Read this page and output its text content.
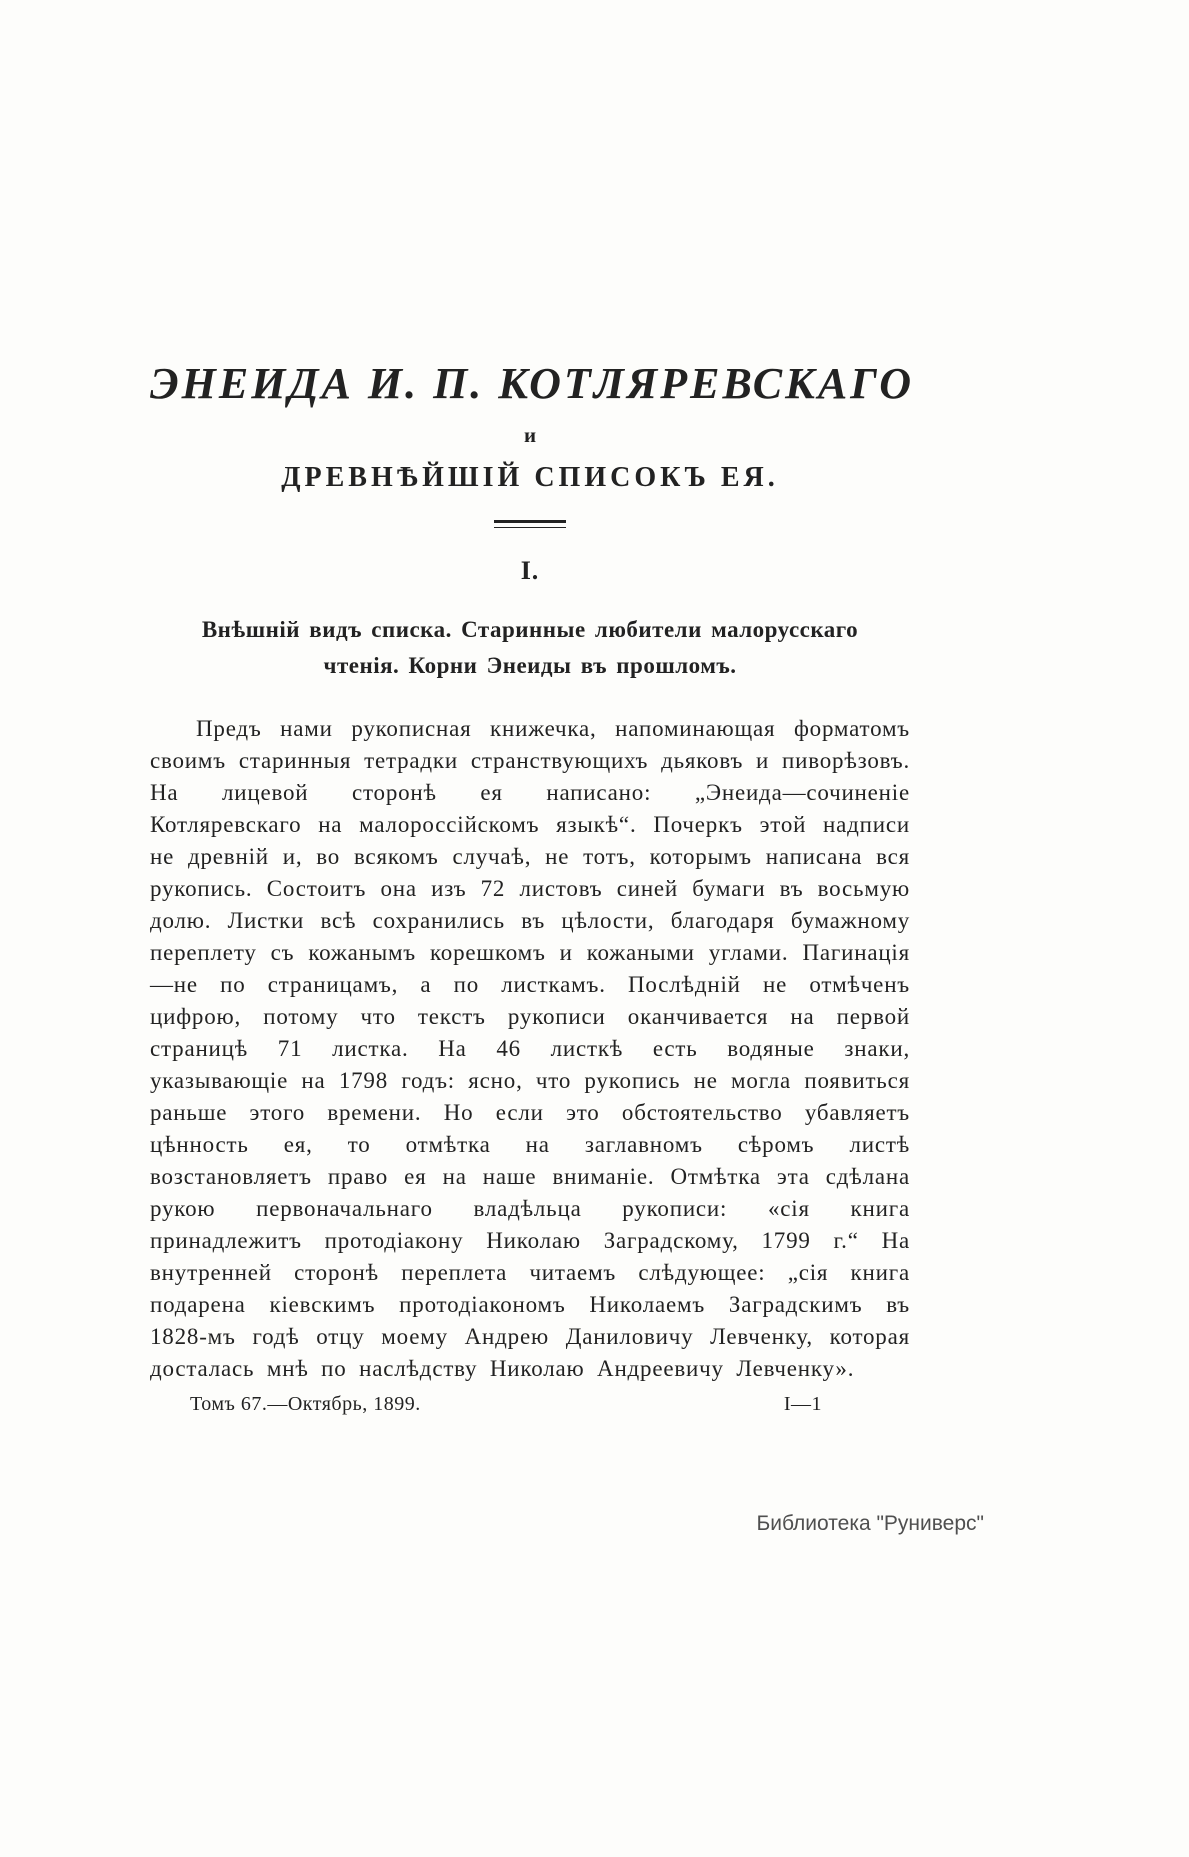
ЭНЕИДА И. П. КОТЛЯРЕВСКАГО
и
ДРЕВНѢЙШІЙ СПИСОКЪ ЕЯ.
I.
Внѣшній видъ списка. Старинные любители малорусскаго чтенія. Корни Энеиды въ прошломъ.

Предъ нами рукописная книжечка, напоминающая форматомъ своимъ старинныя тетрадки странствующихъ дьяковъ и пиворѣзовъ. На лицевой сторонѣ ея написано: „Энеида—сочиненіе Котляревскаго на малороссійскомъ языкѣ“. Почеркъ этой надписи не древній и, во всякомъ случаѣ, не тотъ, которымъ написана вся рукопись. Состоитъ она изъ 72 листовъ синей бумаги въ восьмую долю. Листки всѣ сохранились въ цѣлости, благодаря бумажному переплету съ кожанымъ корешкомъ и кожаными углами. Пагинація—не по страницамъ, а по листкамъ. Послѣдній не отмѣченъ цифрою, потому что текстъ рукописи оканчивается на первой страницѣ 71 листка. На 46 листкѣ есть водяные знаки, указывающіе на 1798 годъ: ясно, что рукопись не могла появиться раньше этого времени. Но если это обстоятельство убавляетъ цѣнность ея, то отмѣтка на заглавномъ сѣромъ листѣ возстановляетъ право ея на наше вниманіе. Отмѣтка эта сдѣлана рукою первоначальнаго владѣльца рукописи: «сія книга принадлежитъ протодіакону Николаю Заградскому, 1799 г.“ На внутренней сторонѣ переплета читаемъ слѣдующее: „сія книга подарена кіевскимъ протодіакономъ Николаемъ Заградскимъ въ 1828-мъ годѣ отцу моему Андрею Даниловичу Левченку, которая досталась мнѣ по наслѣдству Николаю Андреевичу Левченку».

Томъ 67.—Октябрь, 1899.	I—1
Библиотека "Руниверс"
